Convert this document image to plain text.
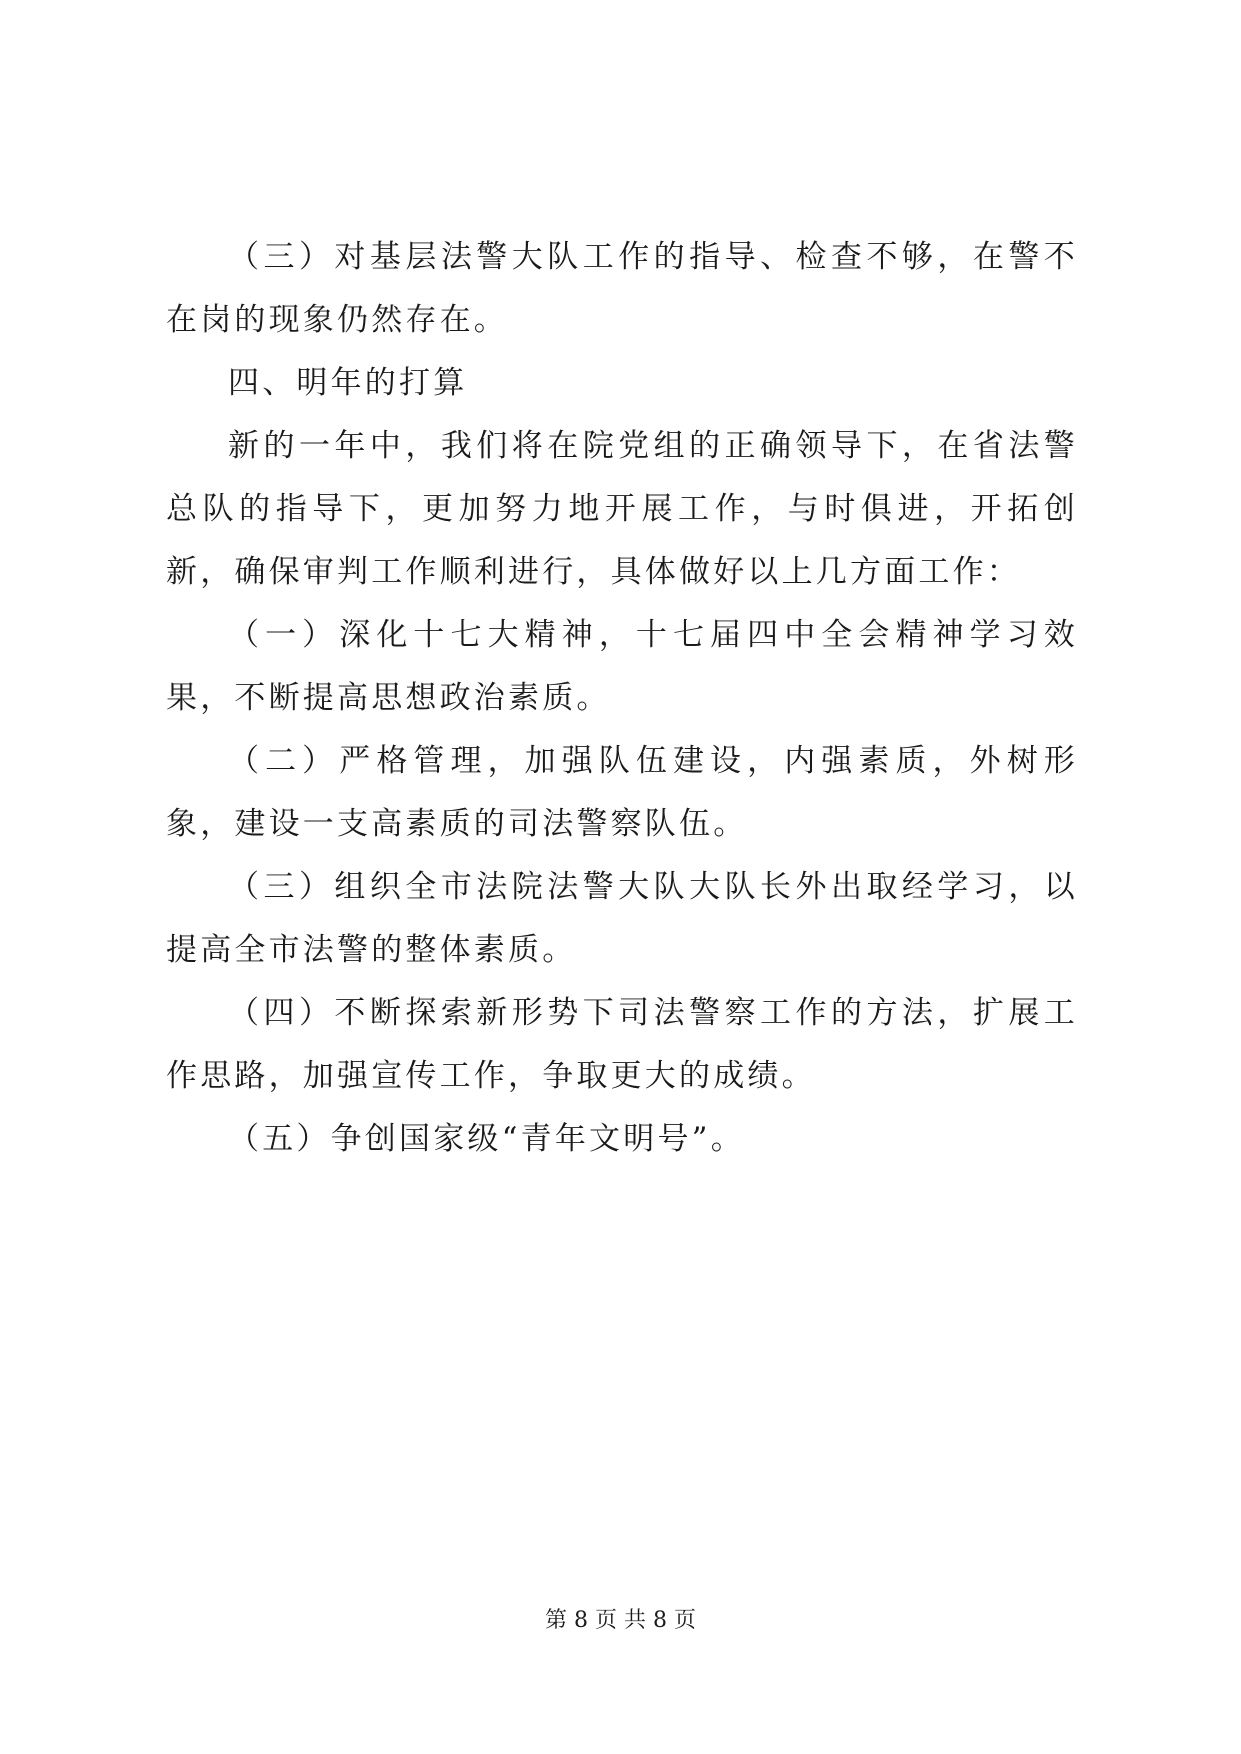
（三）对基层法警大队工作的指导、检查不够，在警不在岗的现象仍然存在。

四、明年的打算

新的一年中，我们将在院党组的正确领导下，在省法警总队的指导下，更加努力地开展工作，与时俱进，开拓创新，确保审判工作顺利进行，具体做好以上几方面工作：

（一）深化十七大精神，十七届四中全会精神学习效果，不断提高思想政治素质。

（二）严格管理，加强队伍建设，内强素质，外树形象，建设一支高素质的司法警察队伍。

（三）组织全市法院法警大队大队长外出取经学习，以提高全市法警的整体素质。

（四）不断探索新形势下司法警察工作的方法，扩展工作思路，加强宣传工作，争取更大的成绩。

（五）争创国家级“青年文明号”。

第 8 页 共 8 页
